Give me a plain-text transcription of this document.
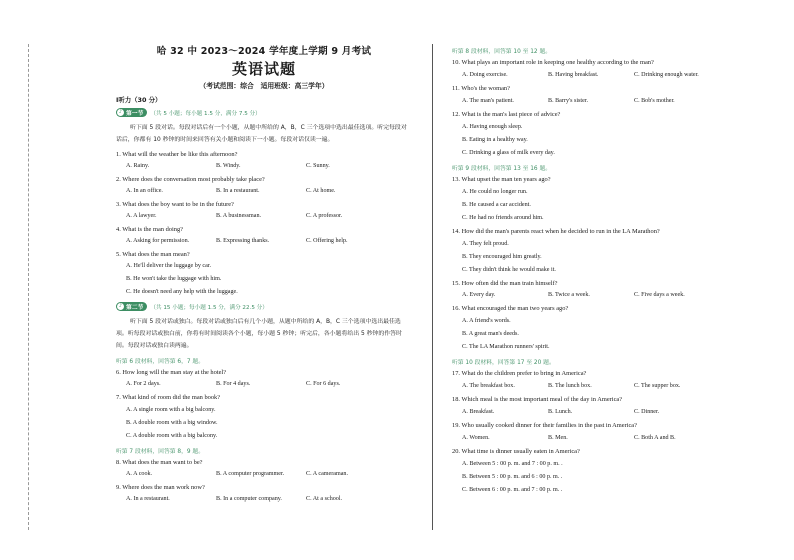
哈 32 中 2023～2024 学年度上学期 9 月考试
英语试题
（考试范围：综合　适用班级：高三学年）
Ⅰ听力（30 分）
♪ 第一节 （共 5 小题；每小题 1.5 分，满分 7.5 分）
听下面 5 段对话。每段对话后有一个小题，从题中所给的 A，B，C 三个选项中选出最佳选项。听完每段对话后，你都有 10 秒钟的时间来回答有关小题和阅读下一小题。每段对话仅读一遍。
1. What will the weather be like this afternoon?
A. Rainy.	B. Windy.	C. Sunny.
2. Where does the conversation most probably take place?
A. In an office.	B. In a restaurant.	C. At home.
3. What does the boy want to be in the future?
A. A lawyer.	B. A businessman.	C. A professor.
4. What is the man doing?
A. Asking for permission.	B. Expressing thanks.	C. Offering help.
5. What does the man mean?
A. He'll deliver the luggage by car.
B. He won't take the luggage with him.
C. He doesn't need any help with the luggage.
♪ 第二节 （共 15 小题；每小题 1.5 分，满分 22.5 分）
听下面 5 段对话或独白。每段对话或独白后有几个小题，从题中所给的 A，B，C 三个选项中选出最佳选项。听每段对话或独白前，你将有时间阅读各个小题，每小题 5 秒钟；听完后，各小题将给出 5 秒钟的作答时间。每段对话或独白读两遍。
听第 6 段材料，回答第 6，7 题。
6. How long will the man stay at the hotel?
A. For 2 days.	B. For 4 days.	C. For 6 days.
7. What kind of room did the man book?
A. A single room with a big balcony.
B. A double room with a big window.
C. A double room with a big balcony.
听第 7 段材料，回答第 8，9 题。
8. What does the man want to be?
A. A cook.	B. A computer programmer.	C. A cameraman.
9. Where does the man work now?
A. In a restaurant.	B. In a computer company.	C. At a school.
听第 8 段材料，回答第 10 至 12 题。
10. What plays an important role in keeping one healthy according to the man?
A. Doing exercise.	B. Having breakfast.	C. Drinking enough water.
11. Who's the woman?
A. The man's patient.	B. Barry's sister.	C. Bob's mother.
12. What is the man's last piece of advice?
A. Having enough sleep.
B. Eating in a healthy way.
C. Drinking a glass of milk every day.
听第 9 段材料，回答第 13 至 16 题。
13. What upset the man ten years ago?
A. He could no longer run.
B. He caused a car accident.
C. He had no friends around him.
14. How did the man's parents react when he decided to run in the LA Marathon?
A. They felt proud.
B. They encouraged him greatly.
C. They didn't think he would make it.
15. How often did the man train himself?
A. Every day.	B. Twice a week.	C. Five days a week.
16. What encouraged the man two years ago?
A. A friend's words.
B. A great man's deeds.
C. The LA Marathon runners' spirit.
听第 10 段材料，回答第 17 至 20 题。
17. What do the children prefer to bring in America?
A. The breakfast box.	B. The lunch box.	C. The supper box.
18. Which meal is the most important meal of the day in America?
A. Breakfast.	B. Lunch.	C. Dinner.
19. Who usually cooked dinner for their families in the past in America?
A. Women.	B. Men.	C. Both A and B.
20. What time is dinner usually eaten in America?
A. Between 5 : 00 p. m. and 7 : 00 p. m. .
B. Between 5 : 00 p. m. and 6 : 00 p. m. .
C. Between 6 : 00 p. m. and 7 : 00 p. m. .
